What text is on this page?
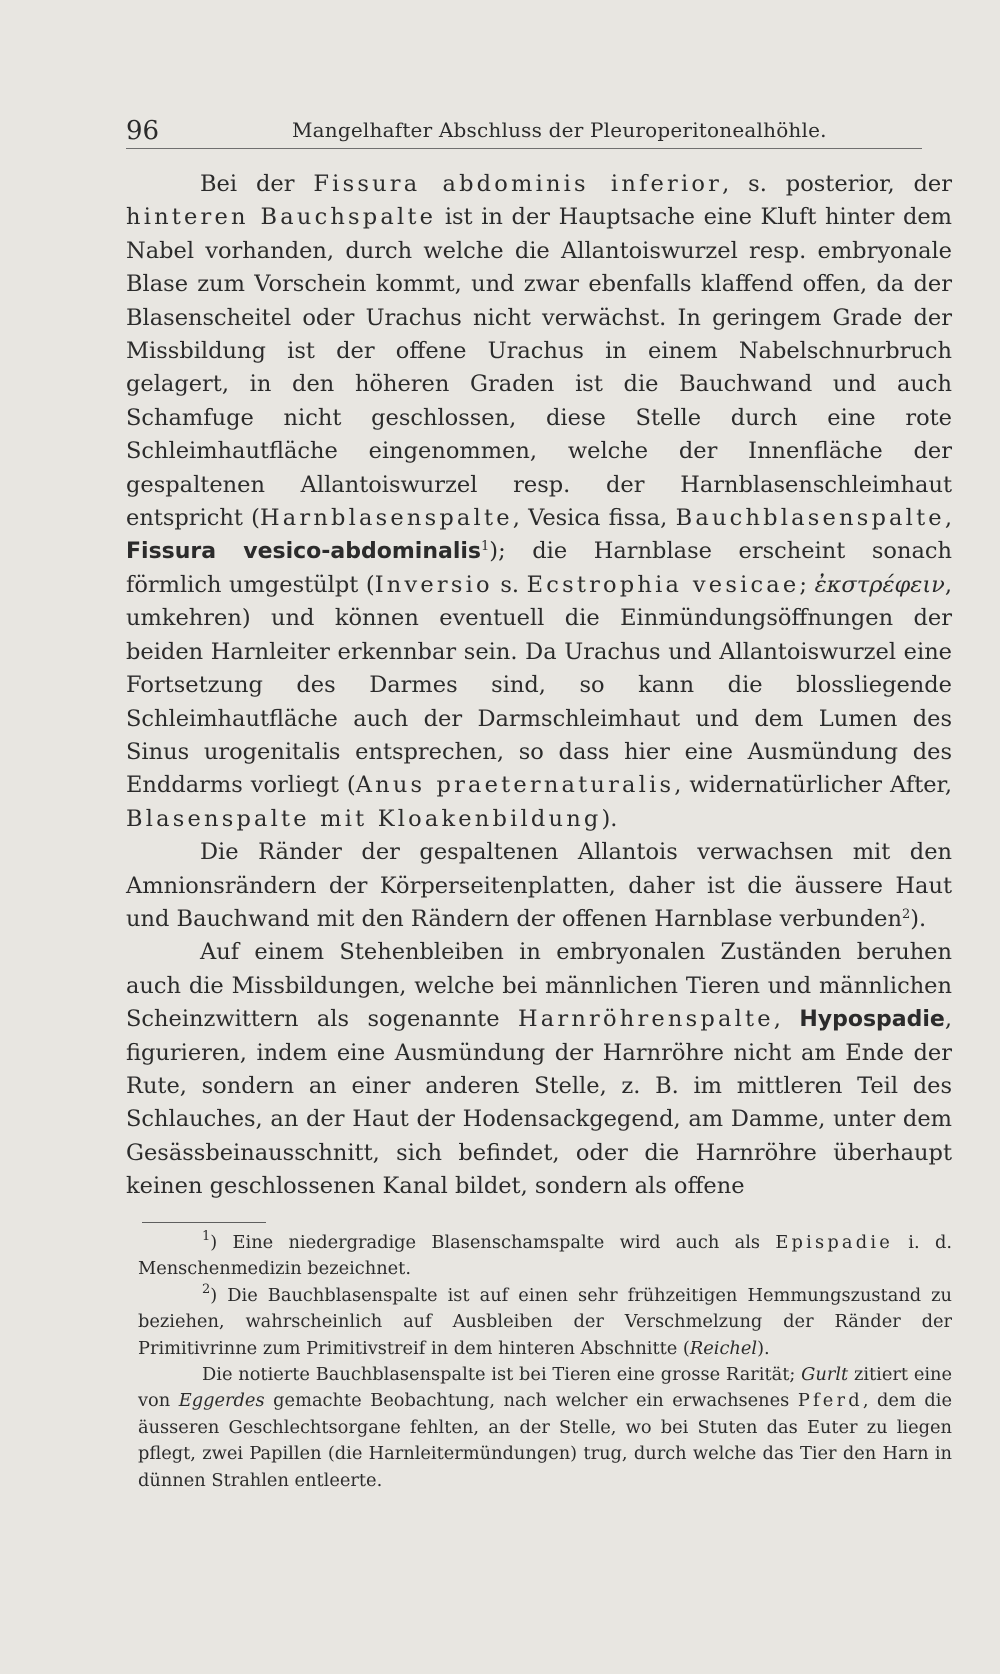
96	Mangelhafter Abschluss der Pleuroperitonealhöhle.

Bei der Fissura abdominis inferior, s. posterior, der hinteren Bauchspalte ist in der Hauptsache eine Kluft hinter dem Nabel vorhanden, durch welche die Allantoiswurzel resp. embryonale Blase zum Vorschein kommt, und zwar ebenfalls klaffend offen, da der Blasenscheitel oder Urachus nicht verwächst. In geringem Grade der Missbildung ist der offene Urachus in einem Nabelschnurbruch gelagert, in den höheren Graden ist die Bauchwand und auch Schamfuge nicht geschlossen, diese Stelle durch eine rote Schleimhautfläche eingenommen, welche der Innenfläche der gespaltenen Allantoiswurzel resp. der Harnblasenschleimhaut entspricht (Harnblasenspalte, Vesica fissa, Bauchblasenspalte, Fissura vesico-abdominalis$^1$); die Harnblase erscheint sonach förmlich umgestülpt (Inversio s. Ecstrophia vesicae; ἐκστρέφειν, umkehren) und können eventuell die Einmündungsöffnungen der beiden Harnleiter erkennbar sein. Da Urachus und Allantoiswurzel eine Fortsetzung des Darmes sind, so kann die blossliegende Schleimhautfläche auch der Darmschleimhaut und dem Lumen des Sinus urogenitalis entsprechen, so dass hier eine Ausmündung des Enddarms vorliegt (Anus praeternaturalis, widernatürlicher After, Blasenspalte mit Kloakenbildung).

Die Ränder der gespaltenen Allantois verwachsen mit den Amnionsrändern der Körperseitenplatten, daher ist die äussere Haut und Bauchwand mit den Rändern der offenen Harnblase verbunden$^2$).

Auf einem Stehenbleiben in embryonalen Zuständen beruhen auch die Missbildungen, welche bei männlichen Tieren und männlichen Scheinzwittern als sogenannte Harnröhrenspalte, Hypospadie, figurieren, indem eine Ausmündung der Harnröhre nicht am Ende der Rute, sondern an einer anderen Stelle, z. B. im mittleren Teil des Schlauches, an der Haut der Hodensackgegend, am Damme, unter dem Gesässbeinausschnitt, sich befindet, oder die Harnröhre überhaupt keinen geschlossenen Kanal bildet, sondern als offene

$^1$) Eine niedergradige Blasenschamspalte wird auch als Epispadie i. d. Menschenmedizin bezeichnet.

$^2$) Die Bauchblasenspalte ist auf einen sehr frühzeitigen Hemmungszustand zu beziehen, wahrscheinlich auf Ausbleiben der Verschmelzung der Ränder der Primitivrinne zum Primitivstreif in dem hinteren Abschnitte (Reichel).

Die notierte Bauchblasenspalte ist bei Tieren eine grosse Rarität; Gurlt zitiert eine von Eggerdes gemachte Beobachtung, nach welcher ein erwachsenes Pferd, dem die äusseren Geschlechtsorgane fehlten, an der Stelle, wo bei Stuten das Euter zu liegen pflegt, zwei Papillen (die Harnleitermündungen) trug, durch welche das Tier den Harn in dünnen Strahlen entleerte.
